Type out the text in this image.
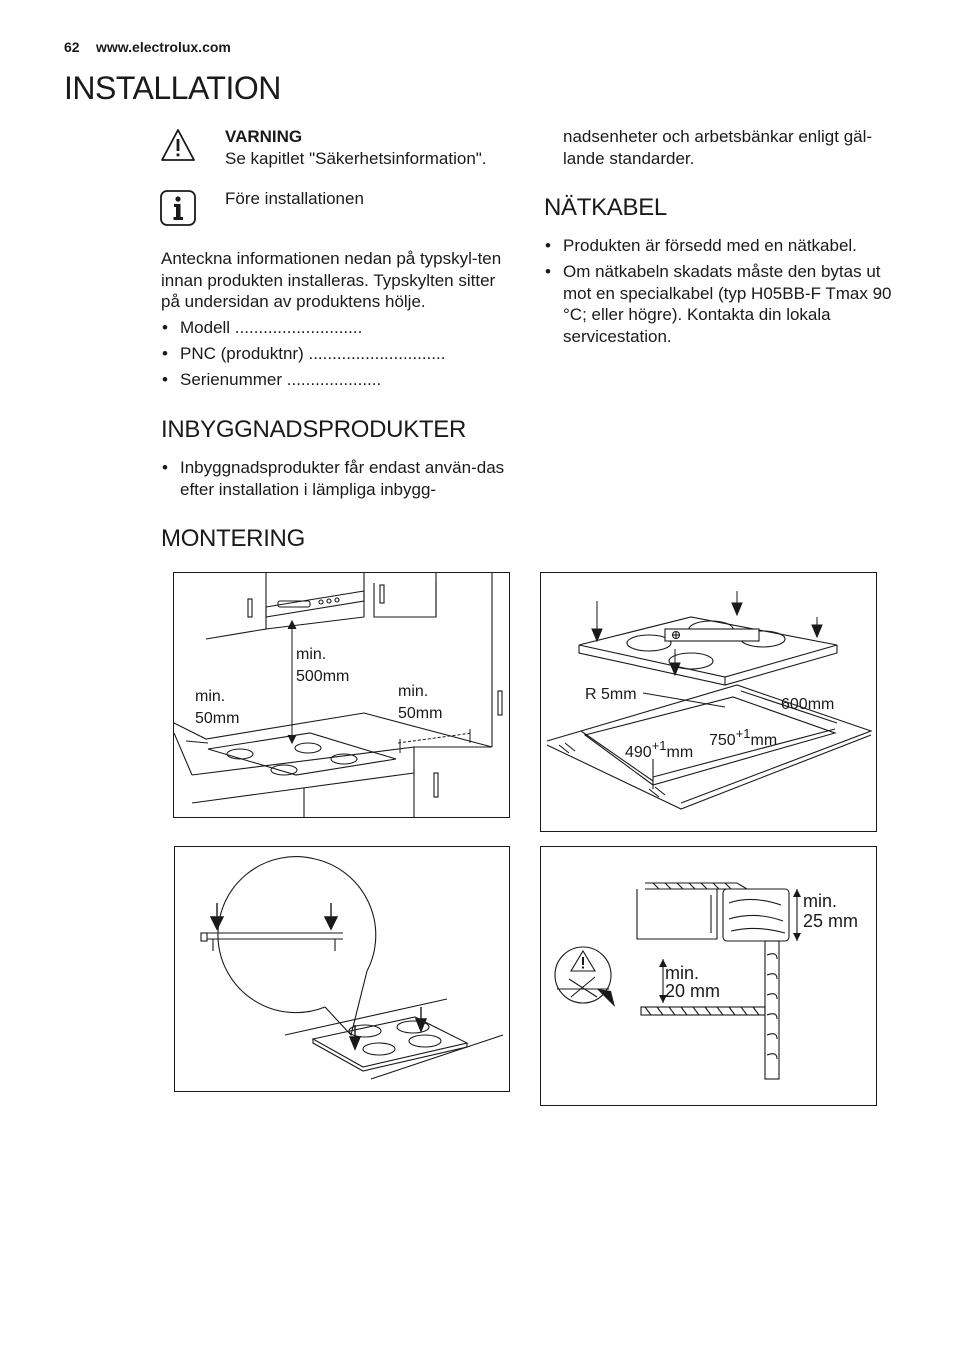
62 www.electrolux.com
INSTALLATION
VARNING
Se kapitlet "Säkerhetsinformation".
Före installationen
Anteckna informationen nedan på typskyl-ten innan produkten installeras. Typskylten sitter på undersidan av produktens hölje.
• Modell ...........................
• PNC (produktnr) .............................
• Serienummer ....................
INBYGGNADSPRODUKTER
• Inbyggnadsprodukter får endast använ-das efter installation i lämpliga inbygg-
nadsenheter och arbetsbänkar enligt gäl-lande standarder.
NÄTKABEL
• Produkten är försedd med en nätkabel.
• Om nätkabeln skadats måste den bytas ut mot en specialkabel (typ H05BB-F Tmax 90 °C; eller högre). Kontakta din lokala servicestation.
MONTERING
min.
500mm
min.
50mm
min.
50mm
R 5mm
600mm
$490^{+1}mm$
$750^{+1}mm$
min.
25 mm
min.
20 mm
